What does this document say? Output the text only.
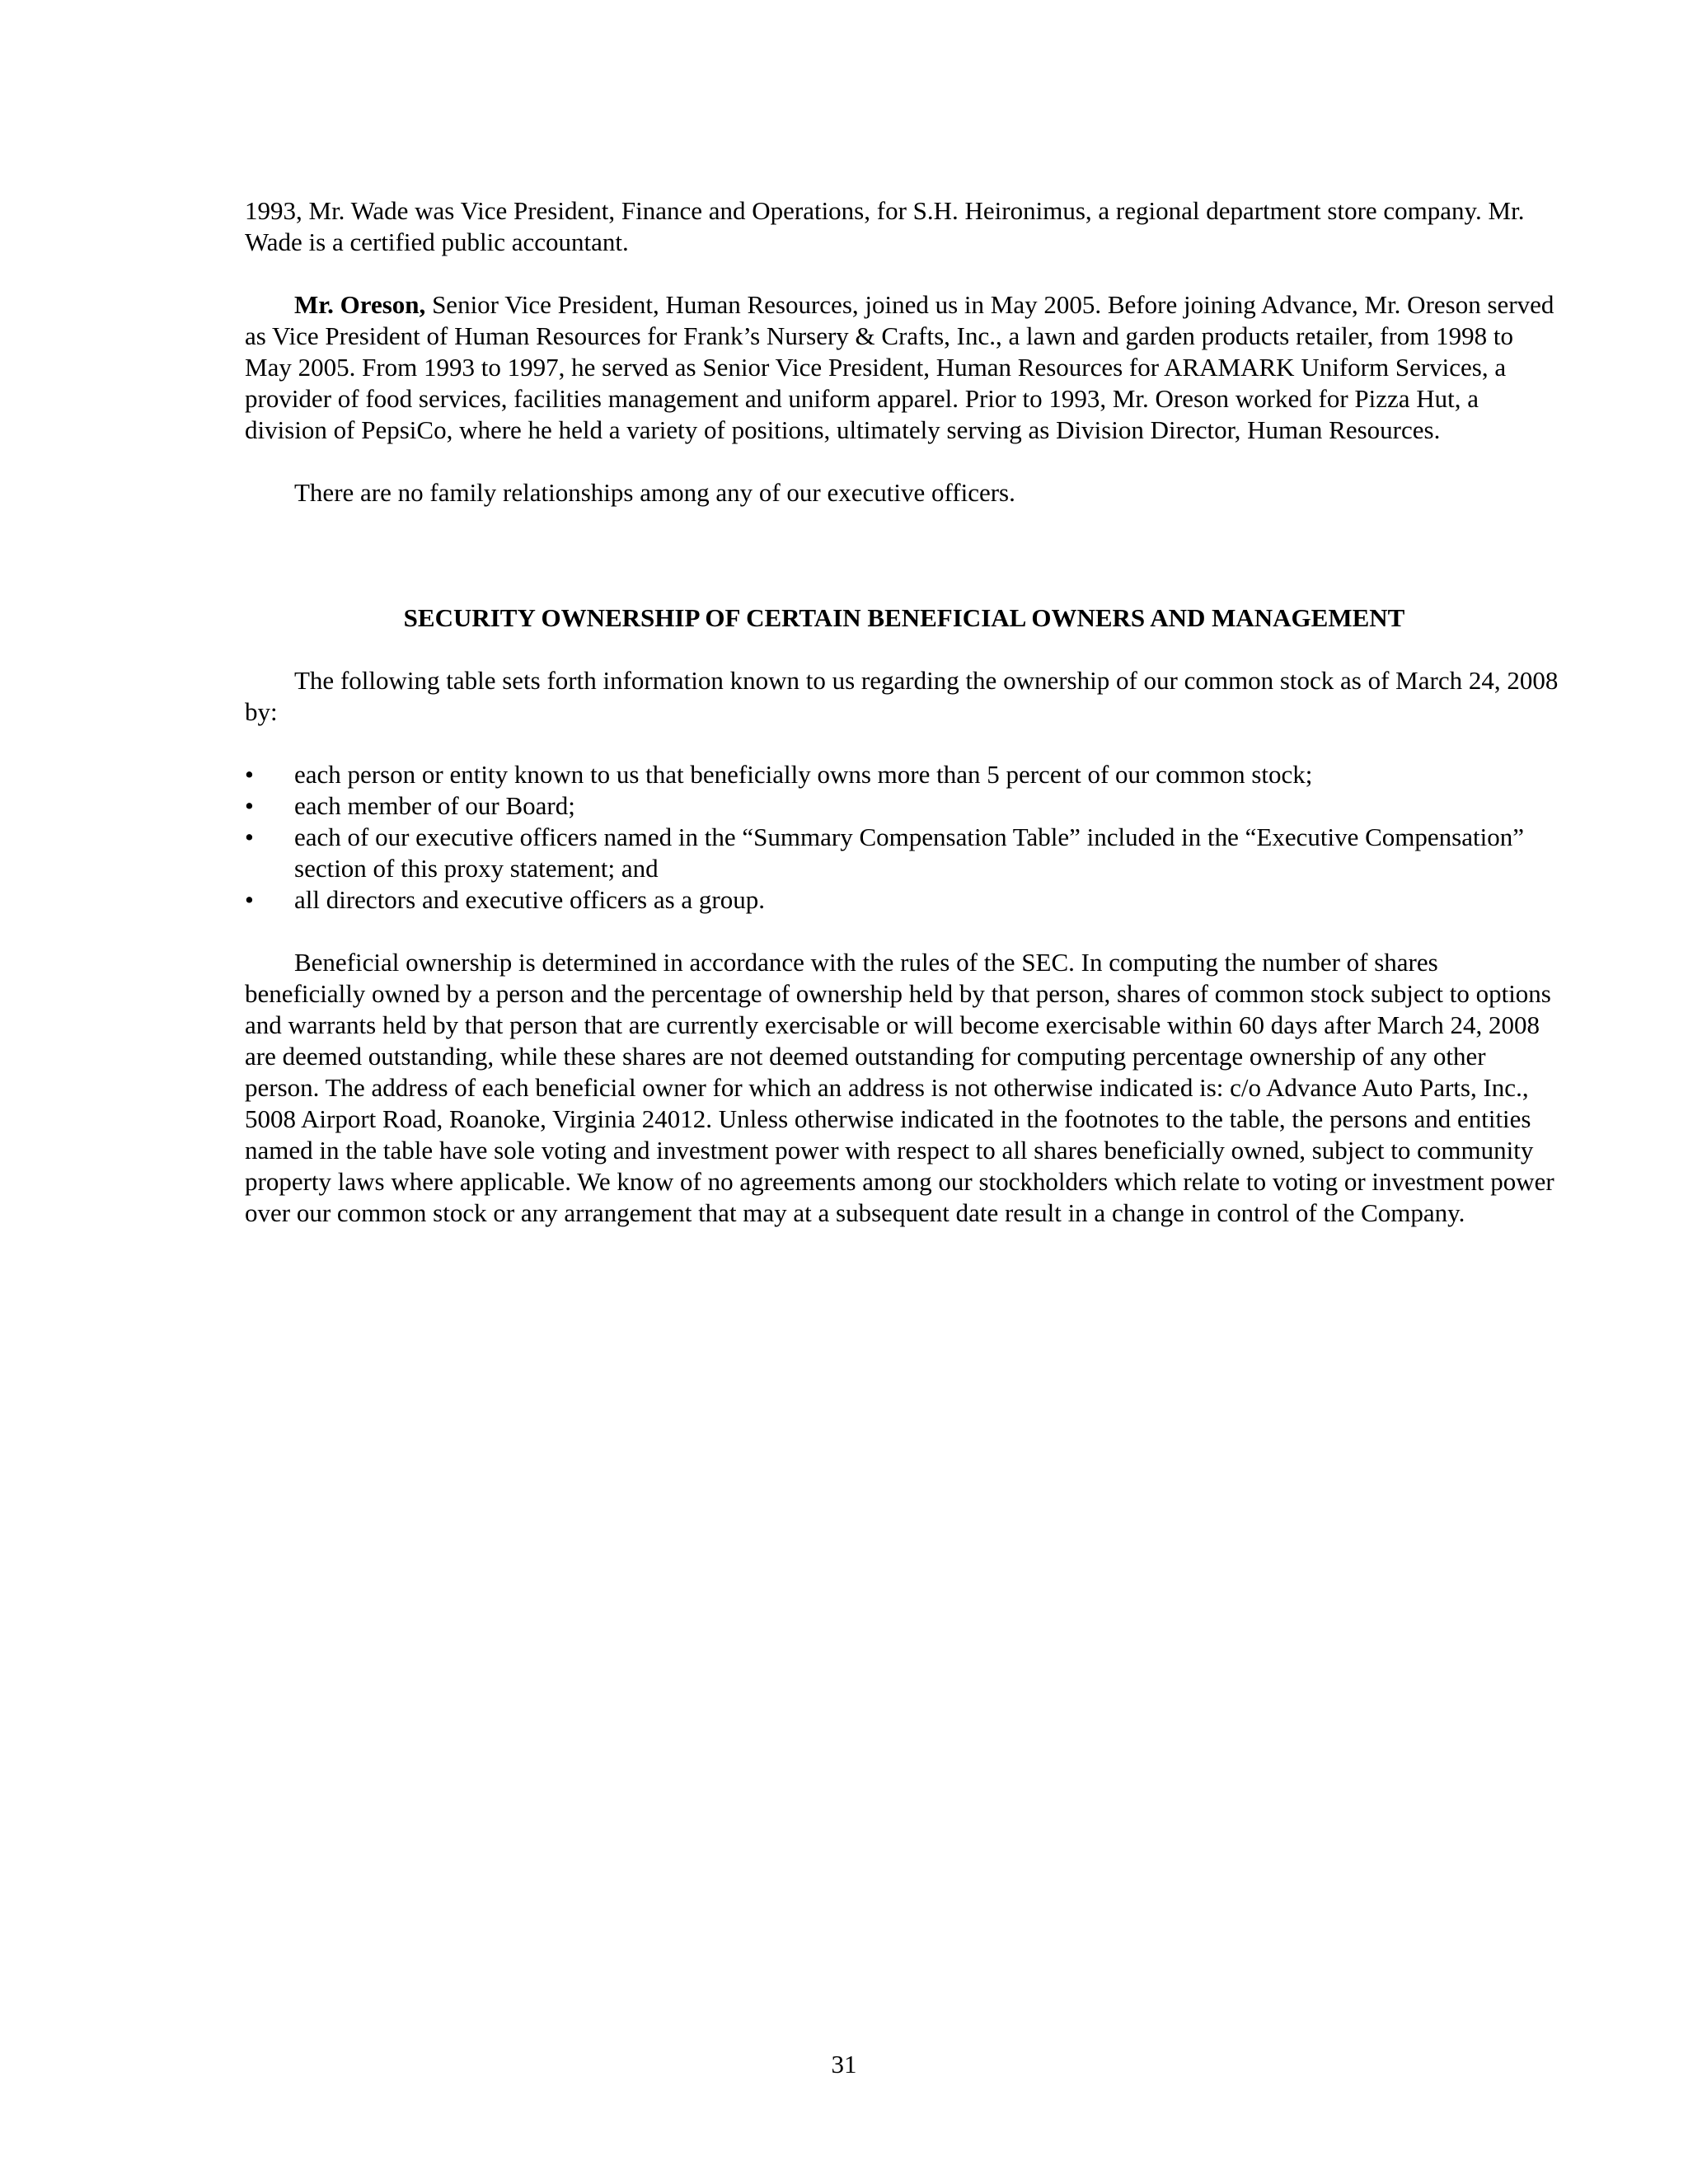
1993, Mr. Wade was Vice President, Finance and Operations, for S.H. Heironimus, a regional department store company. Mr. Wade is a certified public accountant.

Mr. Oreson, Senior Vice President, Human Resources, joined us in May 2005. Before joining Advance, Mr. Oreson served as Vice President of Human Resources for Frank’s Nursery & Crafts, Inc., a lawn and garden products retailer, from 1998 to May 2005. From 1993 to 1997, he served as Senior Vice President, Human Resources for ARAMARK Uniform Services, a provider of food services, facilities management and uniform apparel. Prior to 1993, Mr. Oreson worked for Pizza Hut, a division of PepsiCo, where he held a variety of positions, ultimately serving as Division Director, Human Resources.

There are no family relationships among any of our executive officers.

SECURITY OWNERSHIP OF CERTAIN BENEFICIAL OWNERS AND MANAGEMENT

The following table sets forth information known to us regarding the ownership of our common stock as of March 24, 2008 by:

•	each person or entity known to us that beneficially owns more than 5 percent of our common stock;
•	each member of our Board;
•	each of our executive officers named in the “Summary Compensation Table” included in the “Executive Compensation” section of this proxy statement; and
•	all directors and executive officers as a group.

Beneficial ownership is determined in accordance with the rules of the SEC. In computing the number of shares beneficially owned by a person and the percentage of ownership held by that person, shares of common stock subject to options and warrants held by that person that are currently exercisable or will become exercisable within 60 days after March 24, 2008 are deemed outstanding, while these shares are not deemed outstanding for computing percentage ownership of any other person. The address of each beneficial owner for which an address is not otherwise indicated is: c/o Advance Auto Parts, Inc., 5008 Airport Road, Roanoke, Virginia 24012. Unless otherwise indicated in the footnotes to the table, the persons and entities named in the table have sole voting and investment power with respect to all shares beneficially owned, subject to community property laws where applicable. We know of no agreements among our stockholders which relate to voting or investment power over our common stock or any arrangement that may at a subsequent date result in a change in control of the Company.

31
